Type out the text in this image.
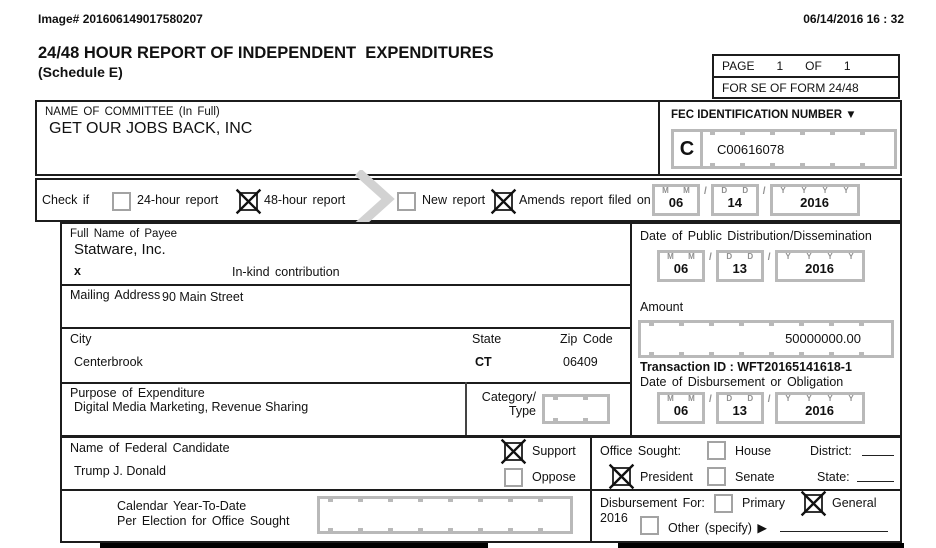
Image# 201606149017580207	06/14/2016 16 : 32
24/48 HOUR REPORT OF INDEPENDENT  EXPENDITURES
(Schedule E)	PAGE 1 OF 1
FOR SE OF FORM 24/48
NAME OF COMMITTEE (In Full)
GET OUR JOBS BACK, INC
FEC IDENTIFICATION NUMBER ▼
C	C00616078
Check if	24-hour report	48-hour report	New report	Amends report filed on
M M
06
/ D D
14
/ Y Y Y Y
2016
Full Name of Payee
Statware, Inc.
x	In-kind contribution
Mailing Address 90 Main Street
City	State	Zip Code
Centerbrook	CT	06409
Purpose of Expenditure
Digital Media Marketing, Revenue Sharing
Category/
Type
Date of Public Distribution/Dissemination
M M
06
/ D D
13
/ Y Y Y Y
2016
Amount
50000000.00
Transaction ID : WFT20165141618-1
Date of Disbursement or Obligation
M M
06
/ D D
13
/ Y Y Y Y
2016
Name of Federal Candidate
Trump J. Donald
Support
Oppose
Office Sought:	House	District:
President	Senate	State:
Calendar Year-To-Date
Per Election for Office Sought
Disbursement For:
2016
Primary	General
Other (specify) ▶
